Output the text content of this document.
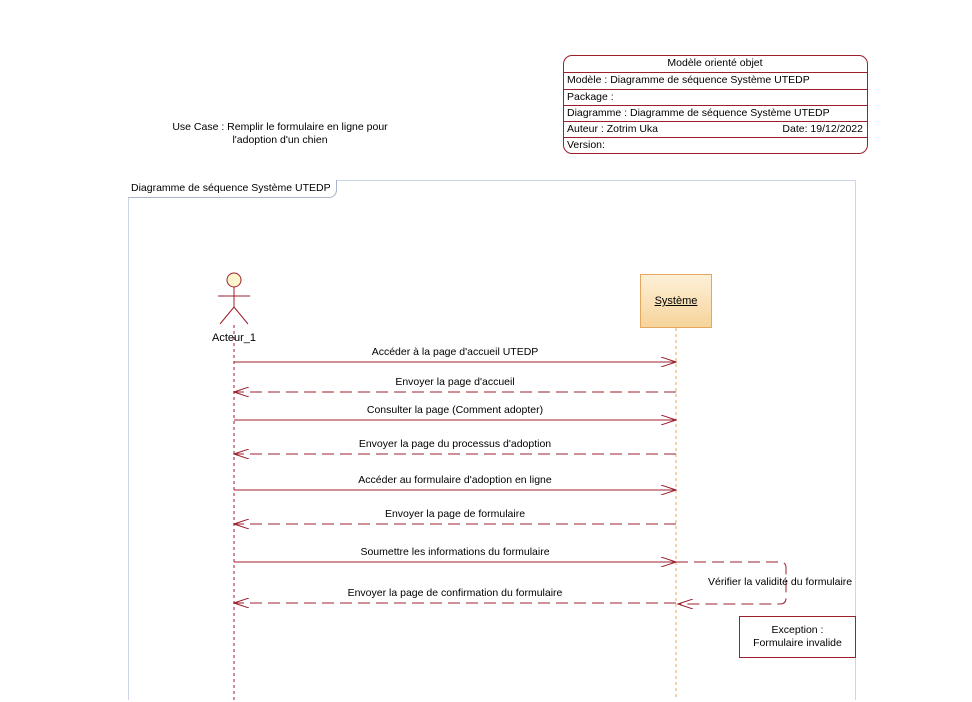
Use Case : Remplir le formulaire en ligne pour
l'adoption d'un chien
Modèle orienté objet
Modèle : Diagramme de séquence Système UTEDP
Package :
Diagramme : Diagramme de séquence Système UTEDP
Auteur : Zotrim Uka	Date: 19/12/2022
Version:
Diagramme de séquence Système UTEDP
Système
Acteur_1
Accéder à la page d'accueil UTEDP
Envoyer la page d'accueil
Consulter la page (Comment adopter)
Envoyer la page du processus d'adoption
Accéder au formulaire d'adoption en ligne
Envoyer la page de formulaire
Soumettre les informations du formulaire
Envoyer la page de confirmation du formulaire
Vérifier la validité du formulaire
Exception :
Formulaire invalide
